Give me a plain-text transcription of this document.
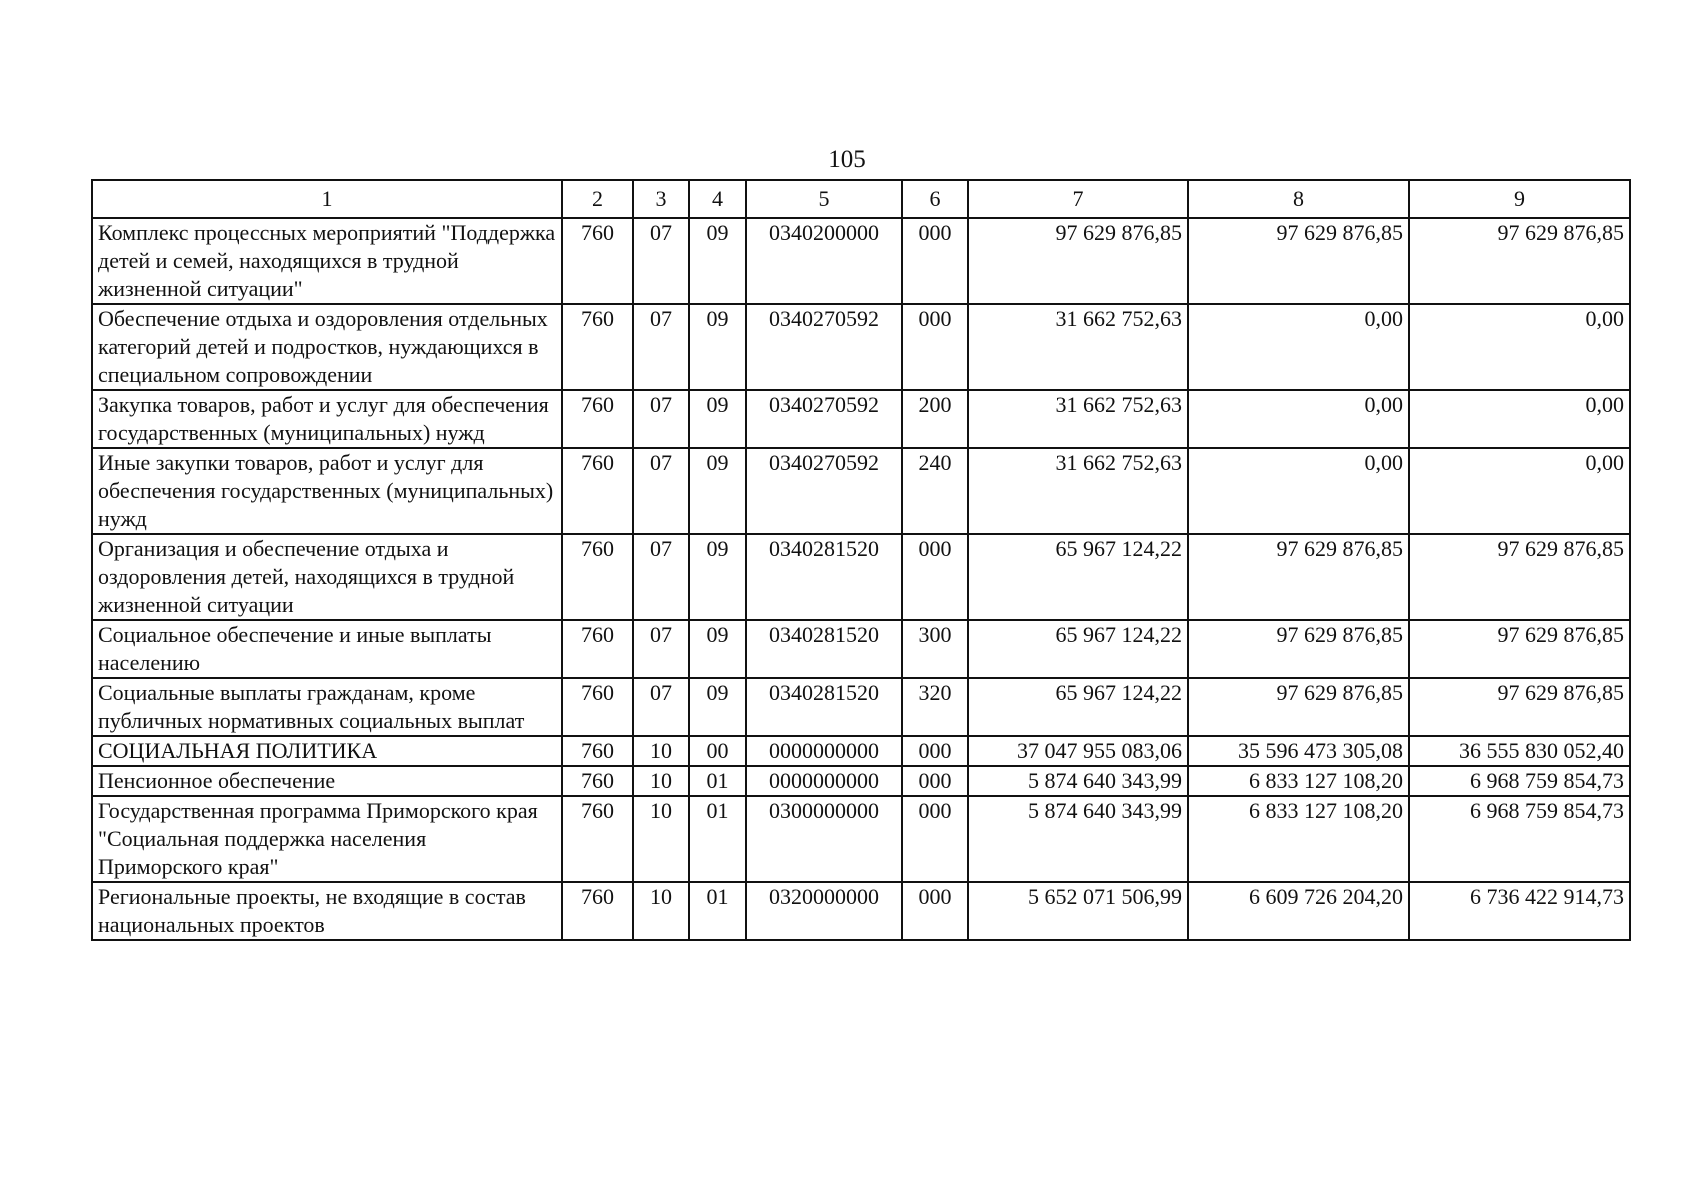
105
1	2	3	4	5	6	7	8	9
Комплекс процессных мероприятий "Поддержка детей и семей, находящихся в трудной жизненной ситуации"	760	07	09	0340200000	000	97 629 876,85	97 629 876,85	97 629 876,85
Обеспечение отдыха и оздоровления отдельных категорий детей и подростков, нуждающихся в специальном сопровождении	760	07	09	0340270592	000	31 662 752,63	0,00	0,00
Закупка товаров, работ и услуг для обеспечения государственных (муниципальных) нужд	760	07	09	0340270592	200	31 662 752,63	0,00	0,00
Иные закупки товаров, работ и услуг для обеспечения государственных (муниципальных) нужд	760	07	09	0340270592	240	31 662 752,63	0,00	0,00
Организация и обеспечение отдыха и оздоровления детей, находящихся в трудной жизненной ситуации	760	07	09	0340281520	000	65 967 124,22	97 629 876,85	97 629 876,85
Социальное обеспечение и иные выплаты населению	760	07	09	0340281520	300	65 967 124,22	97 629 876,85	97 629 876,85
Социальные выплаты гражданам, кроме публичных нормативных социальных выплат	760	07	09	0340281520	320	65 967 124,22	97 629 876,85	97 629 876,85
СОЦИАЛЬНАЯ ПОЛИТИКА	760	10	00	0000000000	000	37 047 955 083,06	35 596 473 305,08	36 555 830 052,40
Пенсионное обеспечение	760	10	01	0000000000	000	5 874 640 343,99	6 833 127 108,20	6 968 759 854,73
Государственная программа Приморского края "Социальная поддержка населения Приморского края"	760	10	01	0300000000	000	5 874 640 343,99	6 833 127 108,20	6 968 759 854,73
Региональные проекты, не входящие в состав национальных проектов	760	10	01	0320000000	000	5 652 071 506,99	6 609 726 204,20	6 736 422 914,73
